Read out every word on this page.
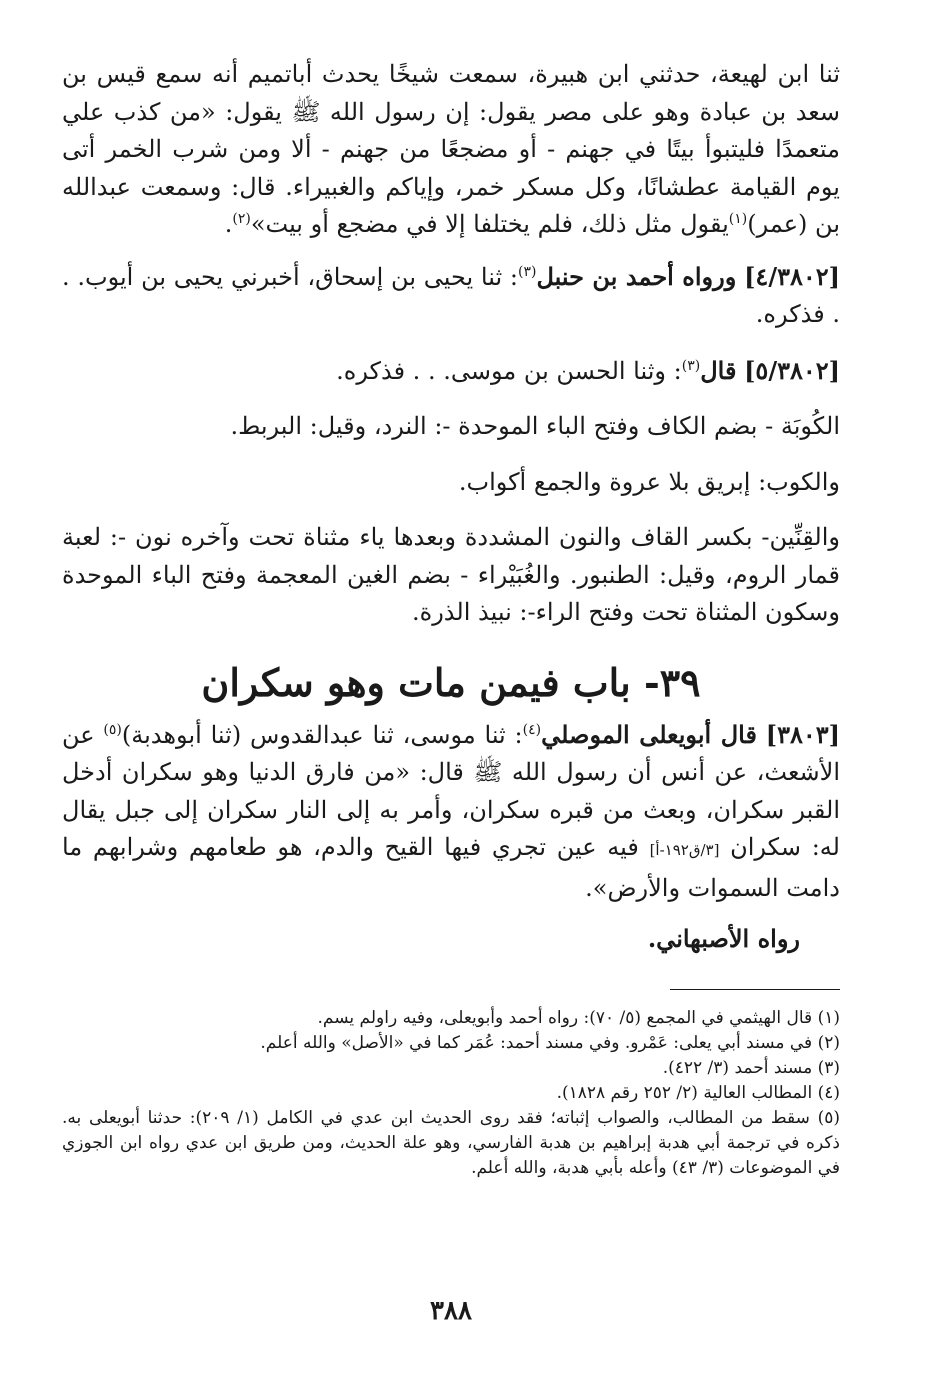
ثنا ابن لهيعة، حدثني ابن هبيرة، سمعت شيخًا يحدث أباتميم أنه سمع قيس بن سعد بن عبادة وهو على مصر يقول: إن رسول الله ﷺ يقول: «من كذب علي متعمدًا فليتبوأ بيتًا في جهنم - أو مضجعًا من جهنم - ألا ومن شرب الخمر أتى يوم القيامة عطشانًا، وكل مسكر خمر، وإياكم والغبيراء. قال: وسمعت عبدالله بن (عمر)$^{(١)}$يقول مثل ذلك، فلم يختلفا إلا في مضجع أو بيت»$^{(٢)}$.

[٤/٣٨٠٢] ورواه أحمد بن حنبل$^{(٣)}$: ثنا يحيى بن إسحاق، أخبرني يحيى بن أيوب. . . فذكره.

[٥/٣٨٠٢] قال$^{(٣)}$: وثنا الحسن بن موسى. . . فذكره.

الكُوبَة - بضم الكاف وفتح الباء الموحدة -: النرد، وقيل: البربط.

والكوب: إبريق بلا عروة والجمع أكواب.

والقِنِّين- بكسر القاف والنون المشددة وبعدها ياء مثناة تحت وآخره نون -: لعبة قمار الروم، وقيل: الطنبور. والغُبَيْراء - بضم الغين المعجمة وفتح الباء الموحدة وسكون المثناة تحت وفتح الراء-: نبيذ الذرة.

٣٩- باب فيمن مات وهو سكران

[٣٨٠٣] قال أبويعلى الموصلي$^{(٤)}$: ثنا موسى، ثنا عبدالقدوس (ثنا أبوهدبة)$^{(٥)}$ عن الأشعث، عن أنس أن رسول الله ﷺ قال: «من فارق الدنيا وهو سكران أدخل القبر سكران، وبعث من قبره سكران، وأمر به إلى النار سكران إلى جبل يقال له: سكران [٣/ق١٩٢-أ] فيه عين تجري فيها القيح والدم، هو طعامهم وشرابهم ما دامت السموات والأرض».

رواه الأصبهاني.

(١) قال الهيثمي في المجمع (٥/ ٧٠): رواه أحمد وأبويعلى، وفيه راولم يسم.

(٢) في مسند أبي يعلى: عَمْرو. وفي مسند أحمد: عُمَر كما في «الأصل» والله أعلم.

(٣) مسند أحمد (٣/ ٤٢٢).

(٤) المطالب العالية (٢/ ٢٥٢ رقم ١٨٢٨).

(٥) سقط من المطالب، والصواب إثباته؛ فقد روى الحديث ابن عدي في الكامل (١/ ٢٠٩): حدثنا أبويعلى به. ذكره في ترجمة أبي هدبة إبراهيم بن هدبة الفارسي، وهو علة الحديث، ومن طريق ابن عدي رواه ابن الجوزي في الموضوعات (٣/ ٤٣) وأعله بأبي هدبة، والله أعلم.

٣٨٨
